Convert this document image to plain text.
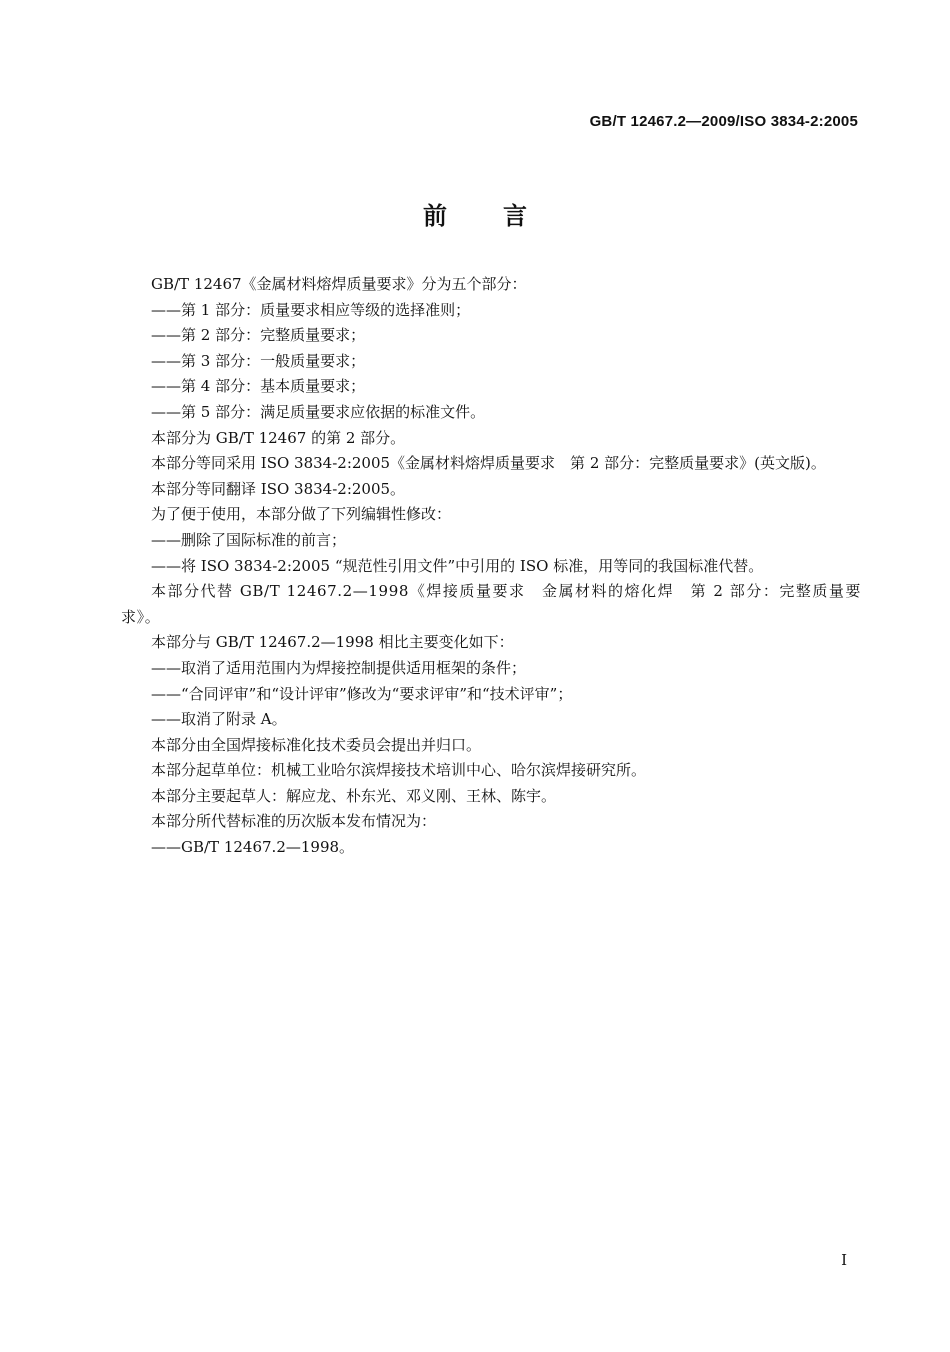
GB/T 12467.2—2009/ISO 3834-2:2005
前言

GB/T 12467《金属材料熔焊质量要求》分为五个部分：

——第 1 部分：质量要求相应等级的选择准则；

——第 2 部分：完整质量要求；

——第 3 部分：一般质量要求；

——第 4 部分：基本质量要求；

——第 5 部分：满足质量要求应依据的标准文件。

本部分为 GB/T 12467 的第 2 部分。

本部分等同采用 ISO 3834-2:2005《金属材料熔焊质量要求　第 2 部分：完整质量要求》(英文版)。

本部分等同翻译 ISO 3834-2:2005。

为了便于使用，本部分做了下列编辑性修改：

——删除了国际标准的前言；

——将 ISO 3834-2:2005 “规范性引用文件”中引用的 ISO 标准，用等同的我国标准代替。

本部分代替 GB/T 12467.2—1998《焊接质量要求　金属材料的熔化焊　第 2 部分：完整质量要求》。

本部分与 GB/T 12467.2—1998 相比主要变化如下：

——取消了适用范围内为焊接控制提供适用框架的条件；

——“合同评审”和“设计评审”修改为“要求评审”和“技术评审”；

——取消了附录 A。

本部分由全国焊接标准化技术委员会提出并归口。

本部分起草单位：机械工业哈尔滨焊接技术培训中心、哈尔滨焊接研究所。

本部分主要起草人：解应龙、朴东光、邓义刚、王林、陈宇。

本部分所代替标准的历次版本发布情况为：

——GB/T 12467.2—1998。

I
